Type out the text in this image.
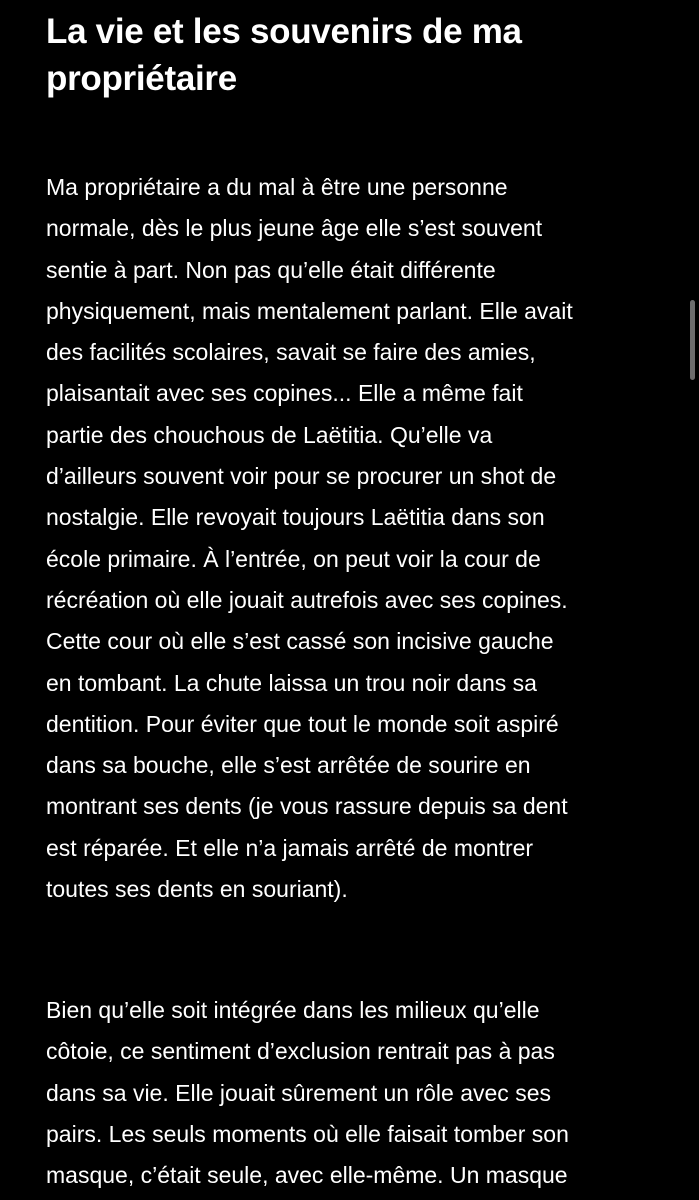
La vie et les souvenirs de ma
propriétaire
Ma propriétaire a du mal à être une personne
normale, dès le plus jeune âge elle s’est souvent
sentie à part. Non pas qu’elle était différente
physiquement, mais mentalement parlant. Elle avait
des facilités scolaires, savait se faire des amies,
plaisantait avec ses copines... Elle a même fait
partie des chouchous de Laëtitia. Qu’elle va
d’ailleurs souvent voir pour se procurer un shot de
nostalgie. Elle revoyait toujours Laëtitia dans son
école primaire. À l’entrée, on peut voir la cour de
récréation où elle jouait autrefois avec ses copines.
Cette cour où elle s’est cassé son incisive gauche
en tombant. La chute laissa un trou noir dans sa
dentition. Pour éviter que tout le monde soit aspiré
dans sa bouche, elle s’est arrêtée de sourire en
montrant ses dents (je vous rassure depuis sa dent
est réparée. Et elle n’a jamais arrêté de montrer
toutes ses dents en souriant).
Bien qu’elle soit intégrée dans les milieux qu’elle
côtoie, ce sentiment d’exclusion rentrait pas à pas
dans sa vie. Elle jouait sûrement un rôle avec ses
pairs. Les seuls moments où elle faisait tomber son
masque, c’était seule, avec elle-même. Un masque
